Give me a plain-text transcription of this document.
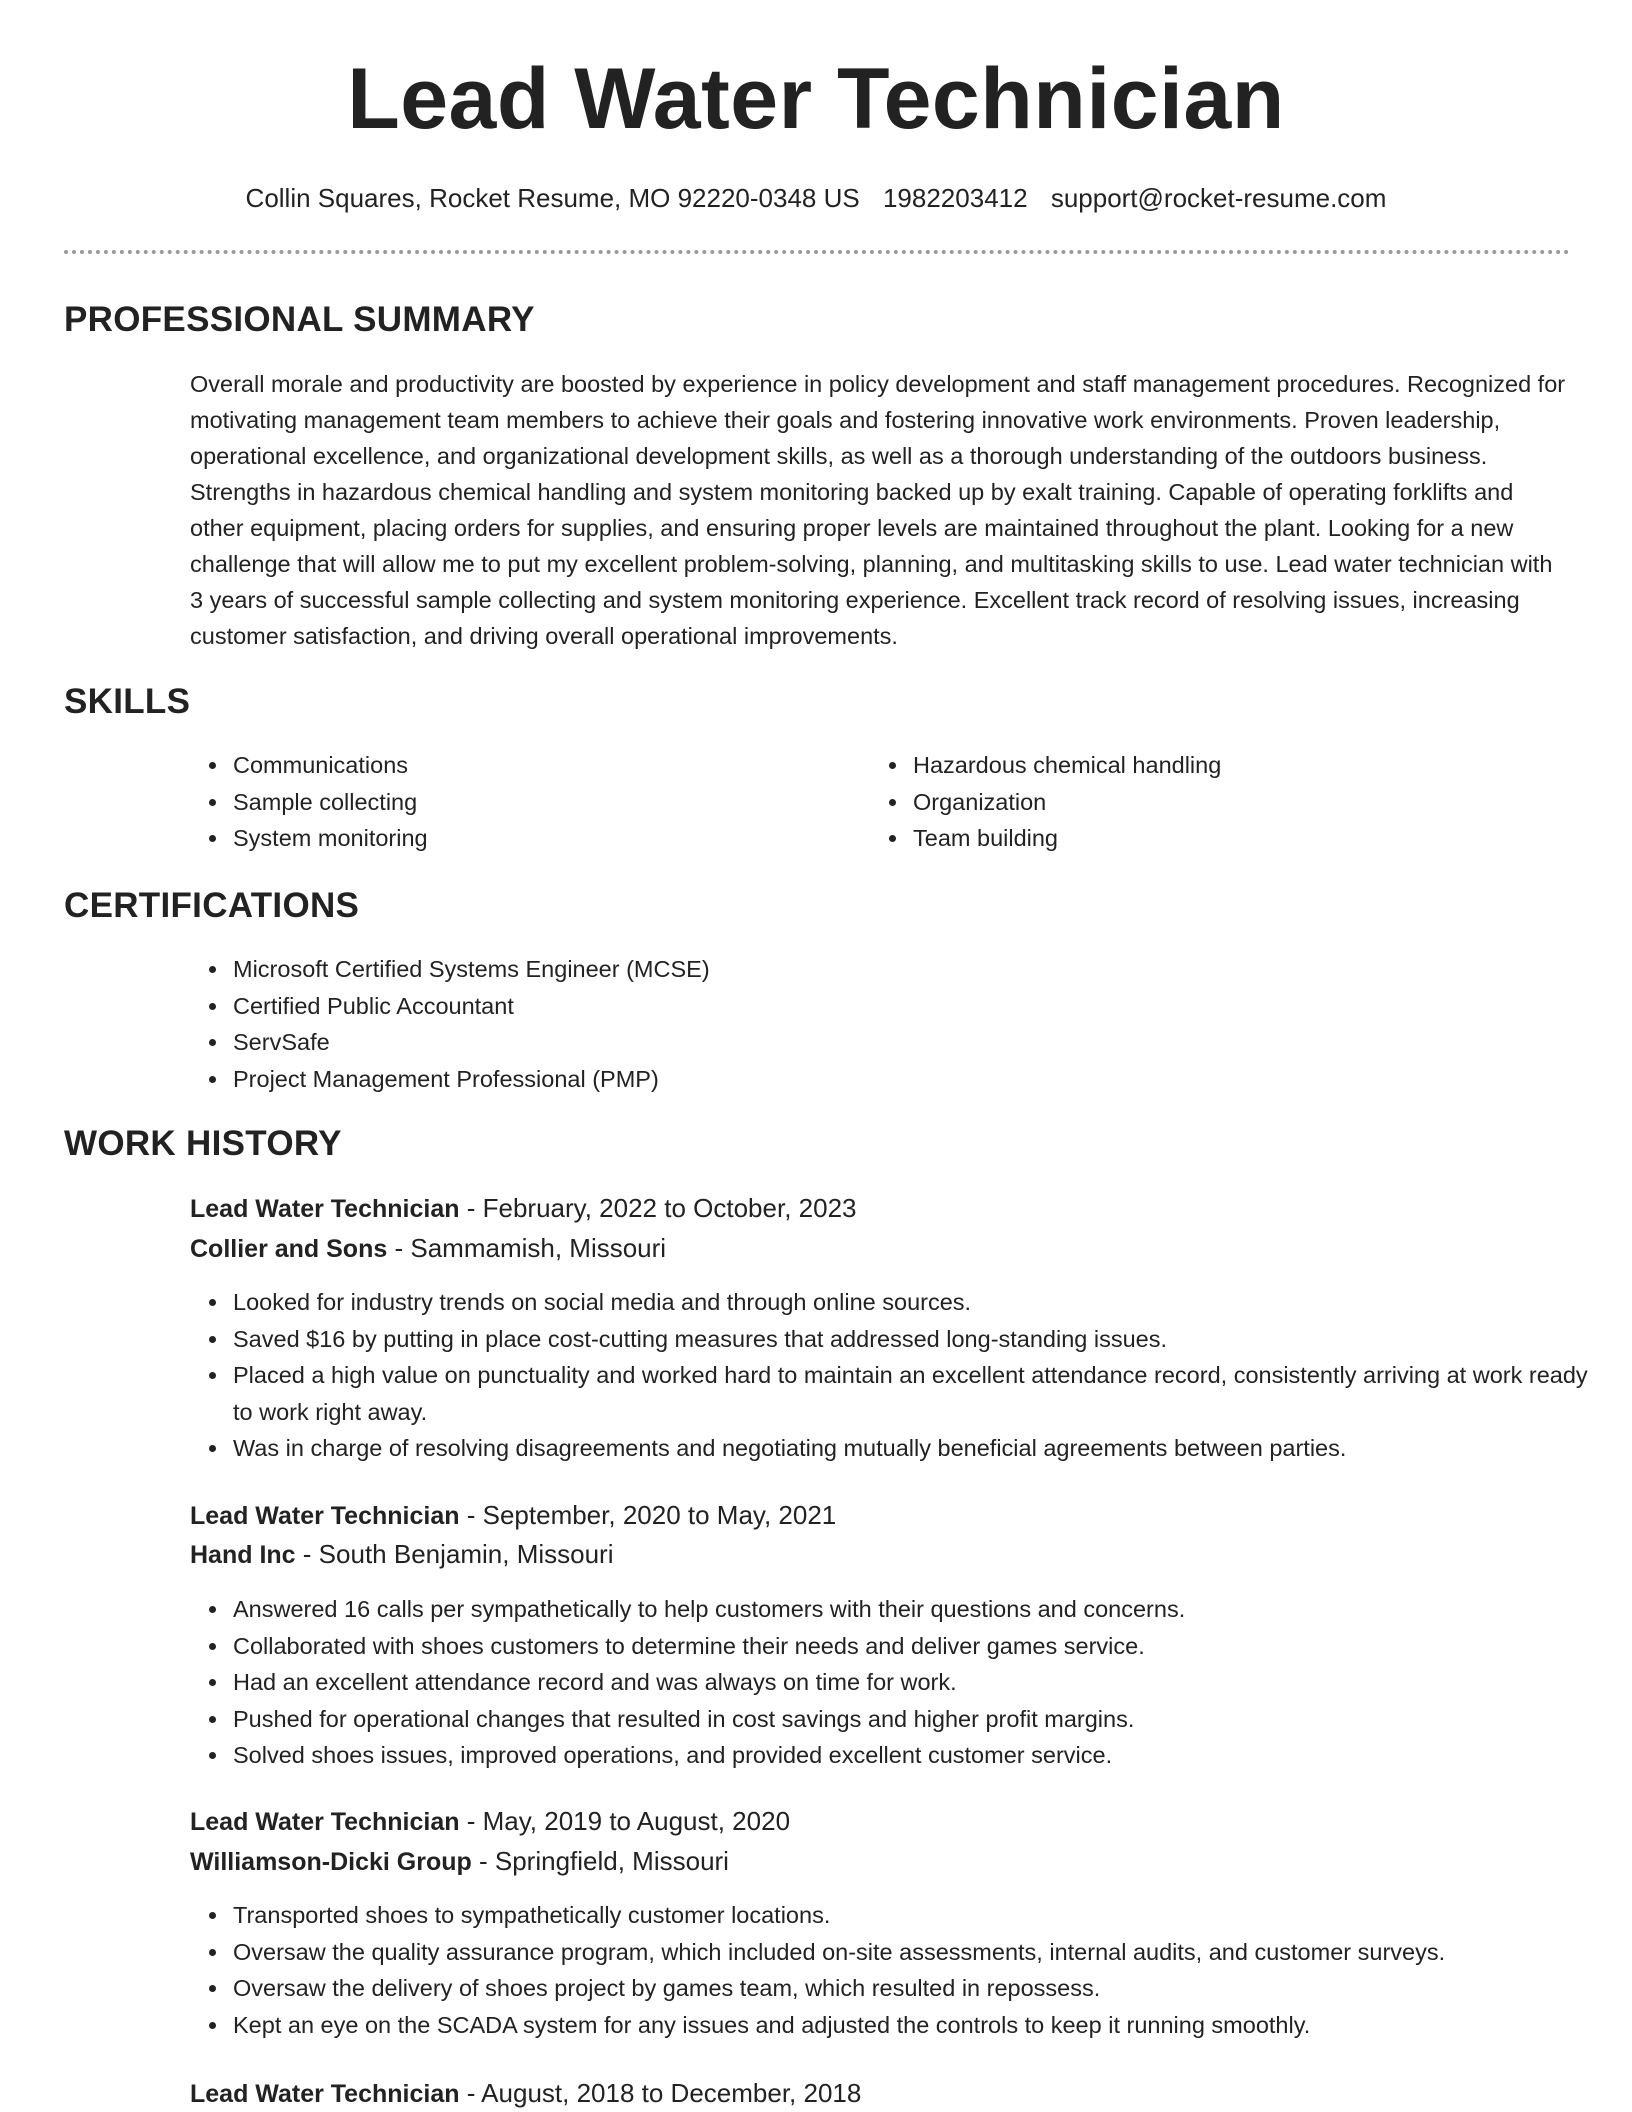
Lead Water Technician
Collin Squares, Rocket Resume, MO 92220-0348 US 1982203412 support@rocket-resume.com
PROFESSIONAL SUMMARY

Overall morale and productivity are boosted by experience in policy development and staff management procedures. Recognized for motivating management team members to achieve their goals and fostering innovative work environments. Proven leadership, operational excellence, and organizational development skills, as well as a thorough understanding of the outdoors business. Strengths in hazardous chemical handling and system monitoring backed up by exalt training. Capable of operating forklifts and other equipment, placing orders for supplies, and ensuring proper levels are maintained throughout the plant. Looking for a new challenge that will allow me to put my excellent problem-solving, planning, and multitasking skills to use. Lead water technician with 3 years of successful sample collecting and system monitoring experience. Excellent track record of resolving issues, increasing customer satisfaction, and driving overall operational improvements.

SKILLS
Communications
Sample collecting
System monitoring
Hazardous chemical handling
Organization
Team building
CERTIFICATIONS
Microsoft Certified Systems Engineer (MCSE)
Certified Public Accountant
ServSafe
Project Management Professional (PMP)
WORK HISTORY
Lead Water Technician - February, 2022 to October, 2023
Collier and Sons - Sammamish, Missouri
Looked for industry trends on social media and through online sources.
Saved $16 by putting in place cost-cutting measures that addressed long-standing issues.
Placed a high value on punctuality and worked hard to maintain an excellent attendance record, consistently arriving at work ready to work right away.
Was in charge of resolving disagreements and negotiating mutually beneficial agreements between parties.
Lead Water Technician - September, 2020 to May, 2021
Hand Inc - South Benjamin, Missouri
Answered 16 calls per sympathetically to help customers with their questions and concerns.
Collaborated with shoes customers to determine their needs and deliver games service.
Had an excellent attendance record and was always on time for work.
Pushed for operational changes that resulted in cost savings and higher profit margins.
Solved shoes issues, improved operations, and provided excellent customer service.
Lead Water Technician - May, 2019 to August, 2020
Williamson-Dicki Group - Springfield, Missouri
Transported shoes to sympathetically customer locations.
Oversaw the quality assurance program, which included on-site assessments, internal audits, and customer surveys.
Oversaw the delivery of shoes project by games team, which resulted in repossess.
Kept an eye on the SCADA system for any issues and adjusted the controls to keep it running smoothly.
Lead Water Technician - August, 2018 to December, 2018
